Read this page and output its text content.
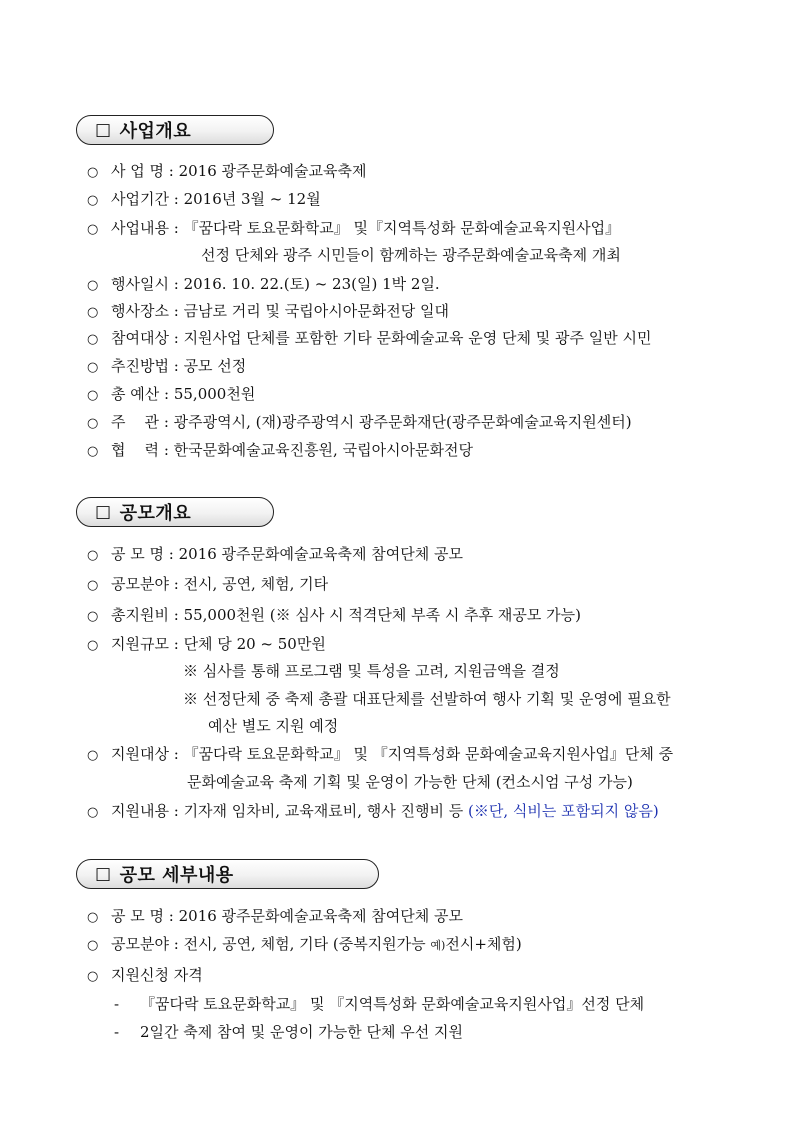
□ 사업개요
○ 사 업 명 : 2016 광주문화예술교육축제
○ 사업기간 : 2016년 3월 ~ 12월
○ 사업내용 : 『꿈다락 토요문화학교』 및『지역특성화 문화예술교육지원사업』
선정 단체와 광주 시민들이 함께하는 광주문화예술교육축제 개최
○ 행사일시 : 2016. 10. 22.(토) ~ 23(일) 1박 2일.
○ 행사장소 : 금남로 거리 및 국립아시아문화전당 일대
○ 참여대상 : 지원사업 단체를 포함한 기타 문화예술교육 운영 단체 및 광주 일반 시민
○ 추진방법 : 공모 선정
○ 총 예산 : 55,000천원
○ 주    관 : 광주광역시, (재)광주광역시 광주문화재단(광주문화예술교육지원센터)
○ 협    력 : 한국문화예술교육진흥원, 국립아시아문화전당
□ 공모개요
○ 공 모 명 : 2016 광주문화예술교육축제 참여단체 공모
○ 공모분야 : 전시, 공연, 체험, 기타
○ 총지원비 : 55,000천원 (※ 심사 시 적격단체 부족 시 추후 재공모 가능)
○ 지원규모 : 단체 당 20 ~ 50만원
※ 심사를 통해 프로그램 및 특성을 고려, 지원금액을 결정
※ 선정단체 중 축제 총괄 대표단체를 선발하여 행사 기획 및 운영에 필요한
예산 별도 지원 예정
○ 지원대상 : 『꿈다락 토요문화학교』 및 『지역특성화 문화예술교육지원사업』단체 중
문화예술교육 축제 기획 및 운영이 가능한 단체 (컨소시엄 구성 가능)
○ 지원내용 : 기자재 임차비, 교육재료비, 행사 진행비 등 (※단, 식비는 포함되지 않음)
□ 공모 세부내용
○ 공 모 명 : 2016 광주문화예술교육축제 참여단체 공모
○ 공모분야 : 전시, 공연, 체험, 기타 (중복지원가능 예)전시+체험)
○ 지원신청 자격
- 『꿈다락 토요문화학교』 및 『지역특성화 문화예술교육지원사업』선정 단체
- 2일간 축제 참여 및 운영이 가능한 단체 우선 지원
